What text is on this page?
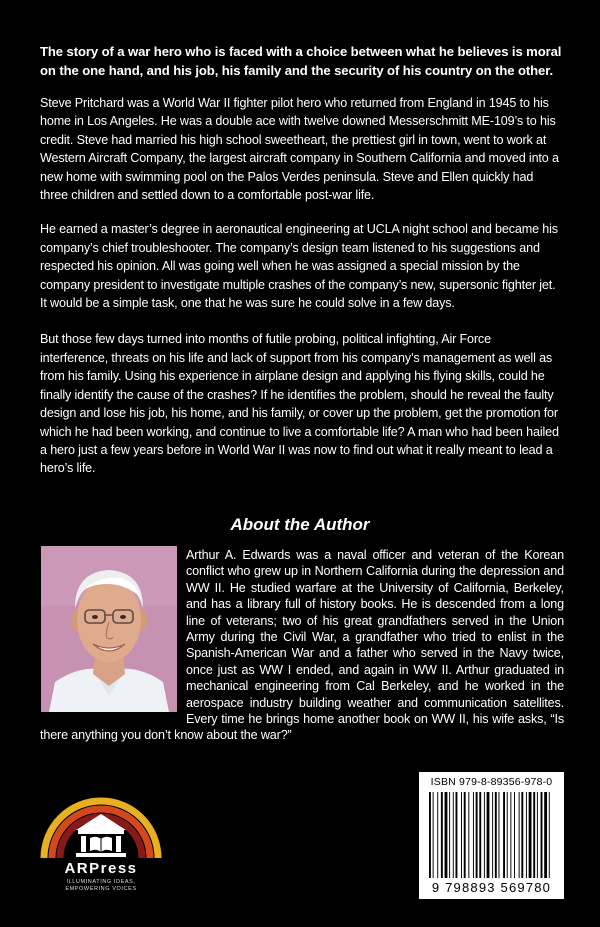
The story of a war hero who is faced with a choice between what he believes is moral on the one hand, and his job, his family and the security of his country on the other.

Steve Pritchard was a World War II fighter pilot hero who returned from England in 1945 to his home in Los Angeles. He was a double ace with twelve downed Messerschmitt ME-109’s to his credit. Steve had married his high school sweetheart, the prettiest girl in town, went to work at Western Aircraft Company, the largest aircraft company in Southern California and moved into a new home with swimming pool on the Palos Verdes peninsula. Steve and Ellen quickly had three children and settled down to a comfortable post-war life.

He earned a master’s degree in aeronautical engineering at UCLA night school and became his company’s chief troubleshooter. The company’s design team listened to his suggestions and respected his opinion. All was going well when he was assigned a special mission by the company president to investigate multiple crashes of the company’s new, supersonic fighter jet. It would be a simple task, one that he was sure he could solve in a few days.

But those few days turned into months of futile probing, political infighting, Air Force interference, threats on his life and lack of support from his company’s management as well as from his family. Using his experience in airplane design and applying his flying skills, could he finally identify the cause of the crashes? If he identifies the problem, should he reveal the faulty design and lose his job, his home, and his family, or cover up the problem, get the promotion for which he had been working, and continue to live a comfortable life? A man who had been hailed a hero just a few years before in World War II was now to find out what it really meant to lead a hero’s life.

About the Author
Arthur A. Edwards was a naval officer and veteran of the Korean conflict who grew up in Northern California during the depression and WW II. He studied warfare at the University of California, Berkeley, and has a library full of history books. He is descended from a long line of veterans; two of his great grandfathers served in the Union Army during the Civil War, a grandfather who tried to enlist in the Spanish-American War and a father who served in the Navy twice, once just as WW I ended, and again in WW II. Arthur graduated in mechanical engineering from Cal Berkeley, and he worked in the aerospace industry building weather and communication satellites. Every time he brings home another book on WW II, his wife asks, “Is there anything you don’t know about the war?”
ARPress
ILLUMINATING IDEAS,
EMPOWERING VOICES
ISBN 979-8-89356-978-0
9 798893 569780
